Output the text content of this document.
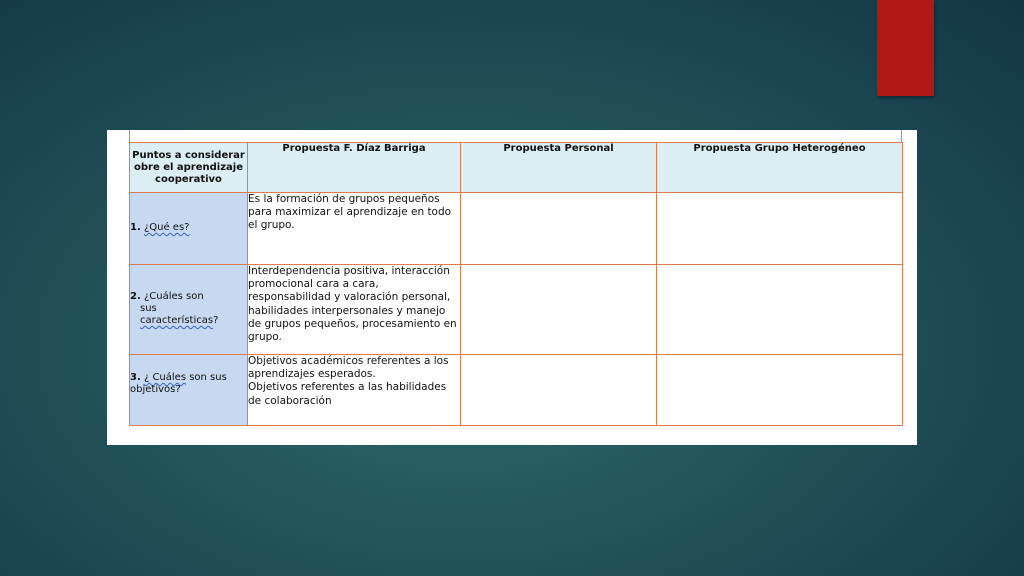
Puntos a considerar obre el aprendizaje cooperativo	Propuesta F. Díaz Barriga	Propuesta Personal	Propuesta Grupo Heterogéneo
1. ¿Qué es?	Es la formación de grupos pequeños para maximizar el aprendizaje en todo el grupo.		

2. ¿Cuáles son
sus
características?	Interdependencia positiva, interacción promocional cara a cara, responsabilidad y valoración personal, habilidades interpersonales y manejo de grupos pequeños, procesamiento en grupo.		
3. ¿ Cuáles son sus objetivos?	Objetivos académicos referentes a los aprendizajes esperados.
Objetivos referentes a las habilidades de colaboración		
